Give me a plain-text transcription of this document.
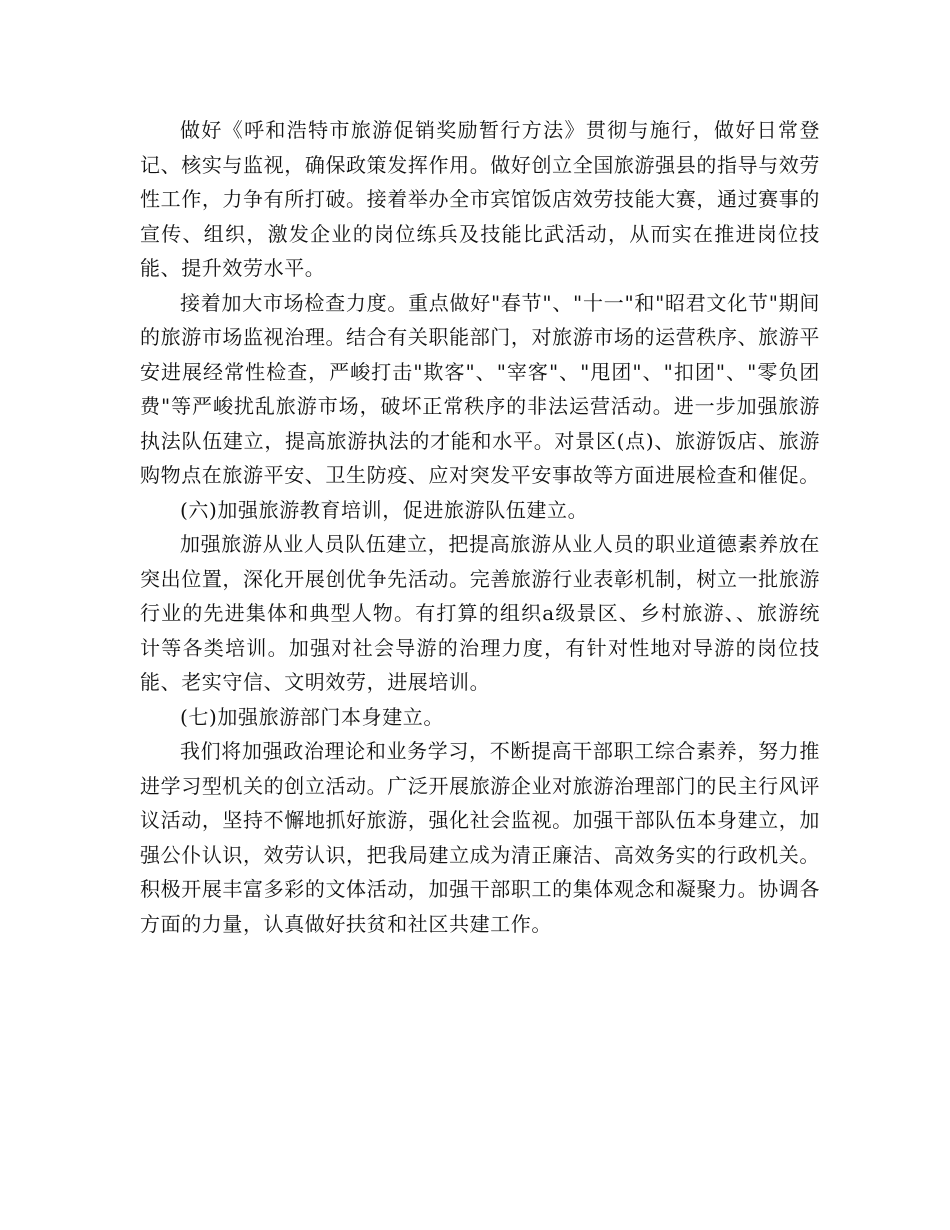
做好《呼和浩特市旅游促销奖励暂行方法》贯彻与施行，做好日常登记、核实与监视，确保政策发挥作用。做好创立全国旅游强县的指导与效劳性工作，力争有所打破。接着举办全市宾馆饭店效劳技能大赛，通过赛事的宣传、组织，激发企业的岗位练兵及技能比武活动，从而实在推进岗位技能、提升效劳水平。

接着加大市场检查力度。重点做好"春节"、"十一"和"昭君文化节"期间的旅游市场监视治理。结合有关职能部门，对旅游市场的运营秩序、旅游平安进展经常性检查，严峻打击"欺客"、"宰客"、"甩团"、"扣团"、"零负团费"等严峻扰乱旅游市场，破坏正常秩序的非法运营活动。进一步加强旅游执法队伍建立，提高旅游执法的才能和水平。对景区(点)、旅游饭店、旅游购物点在旅游平安、卫生防疫、应对突发平安事故等方面进展检查和催促。

(六)加强旅游教育培训，促进旅游队伍建立。

加强旅游从业人员队伍建立，把提高旅游从业人员的职业道德素养放在突出位置，深化开展创优争先活动。完善旅游行业表彰机制，树立一批旅游行业的先进集体和典型人物。有打算的组织a级景区、乡村旅游、、旅游统计等各类培训。加强对社会导游的治理力度，有针对性地对导游的岗位技能、老实守信、文明效劳，进展培训。

(七)加强旅游部门本身建立。

我们将加强政治理论和业务学习，不断提高干部职工综合素养，努力推进学习型机关的创立活动。广泛开展旅游企业对旅游治理部门的民主行风评议活动，坚持不懈地抓好旅游，强化社会监视。加强干部队伍本身建立，加强公仆认识，效劳认识，把我局建立成为清正廉洁、高效务实的行政机关。积极开展丰富多彩的文体活动，加强干部职工的集体观念和凝聚力。协调各方面的力量，认真做好扶贫和社区共建工作。
